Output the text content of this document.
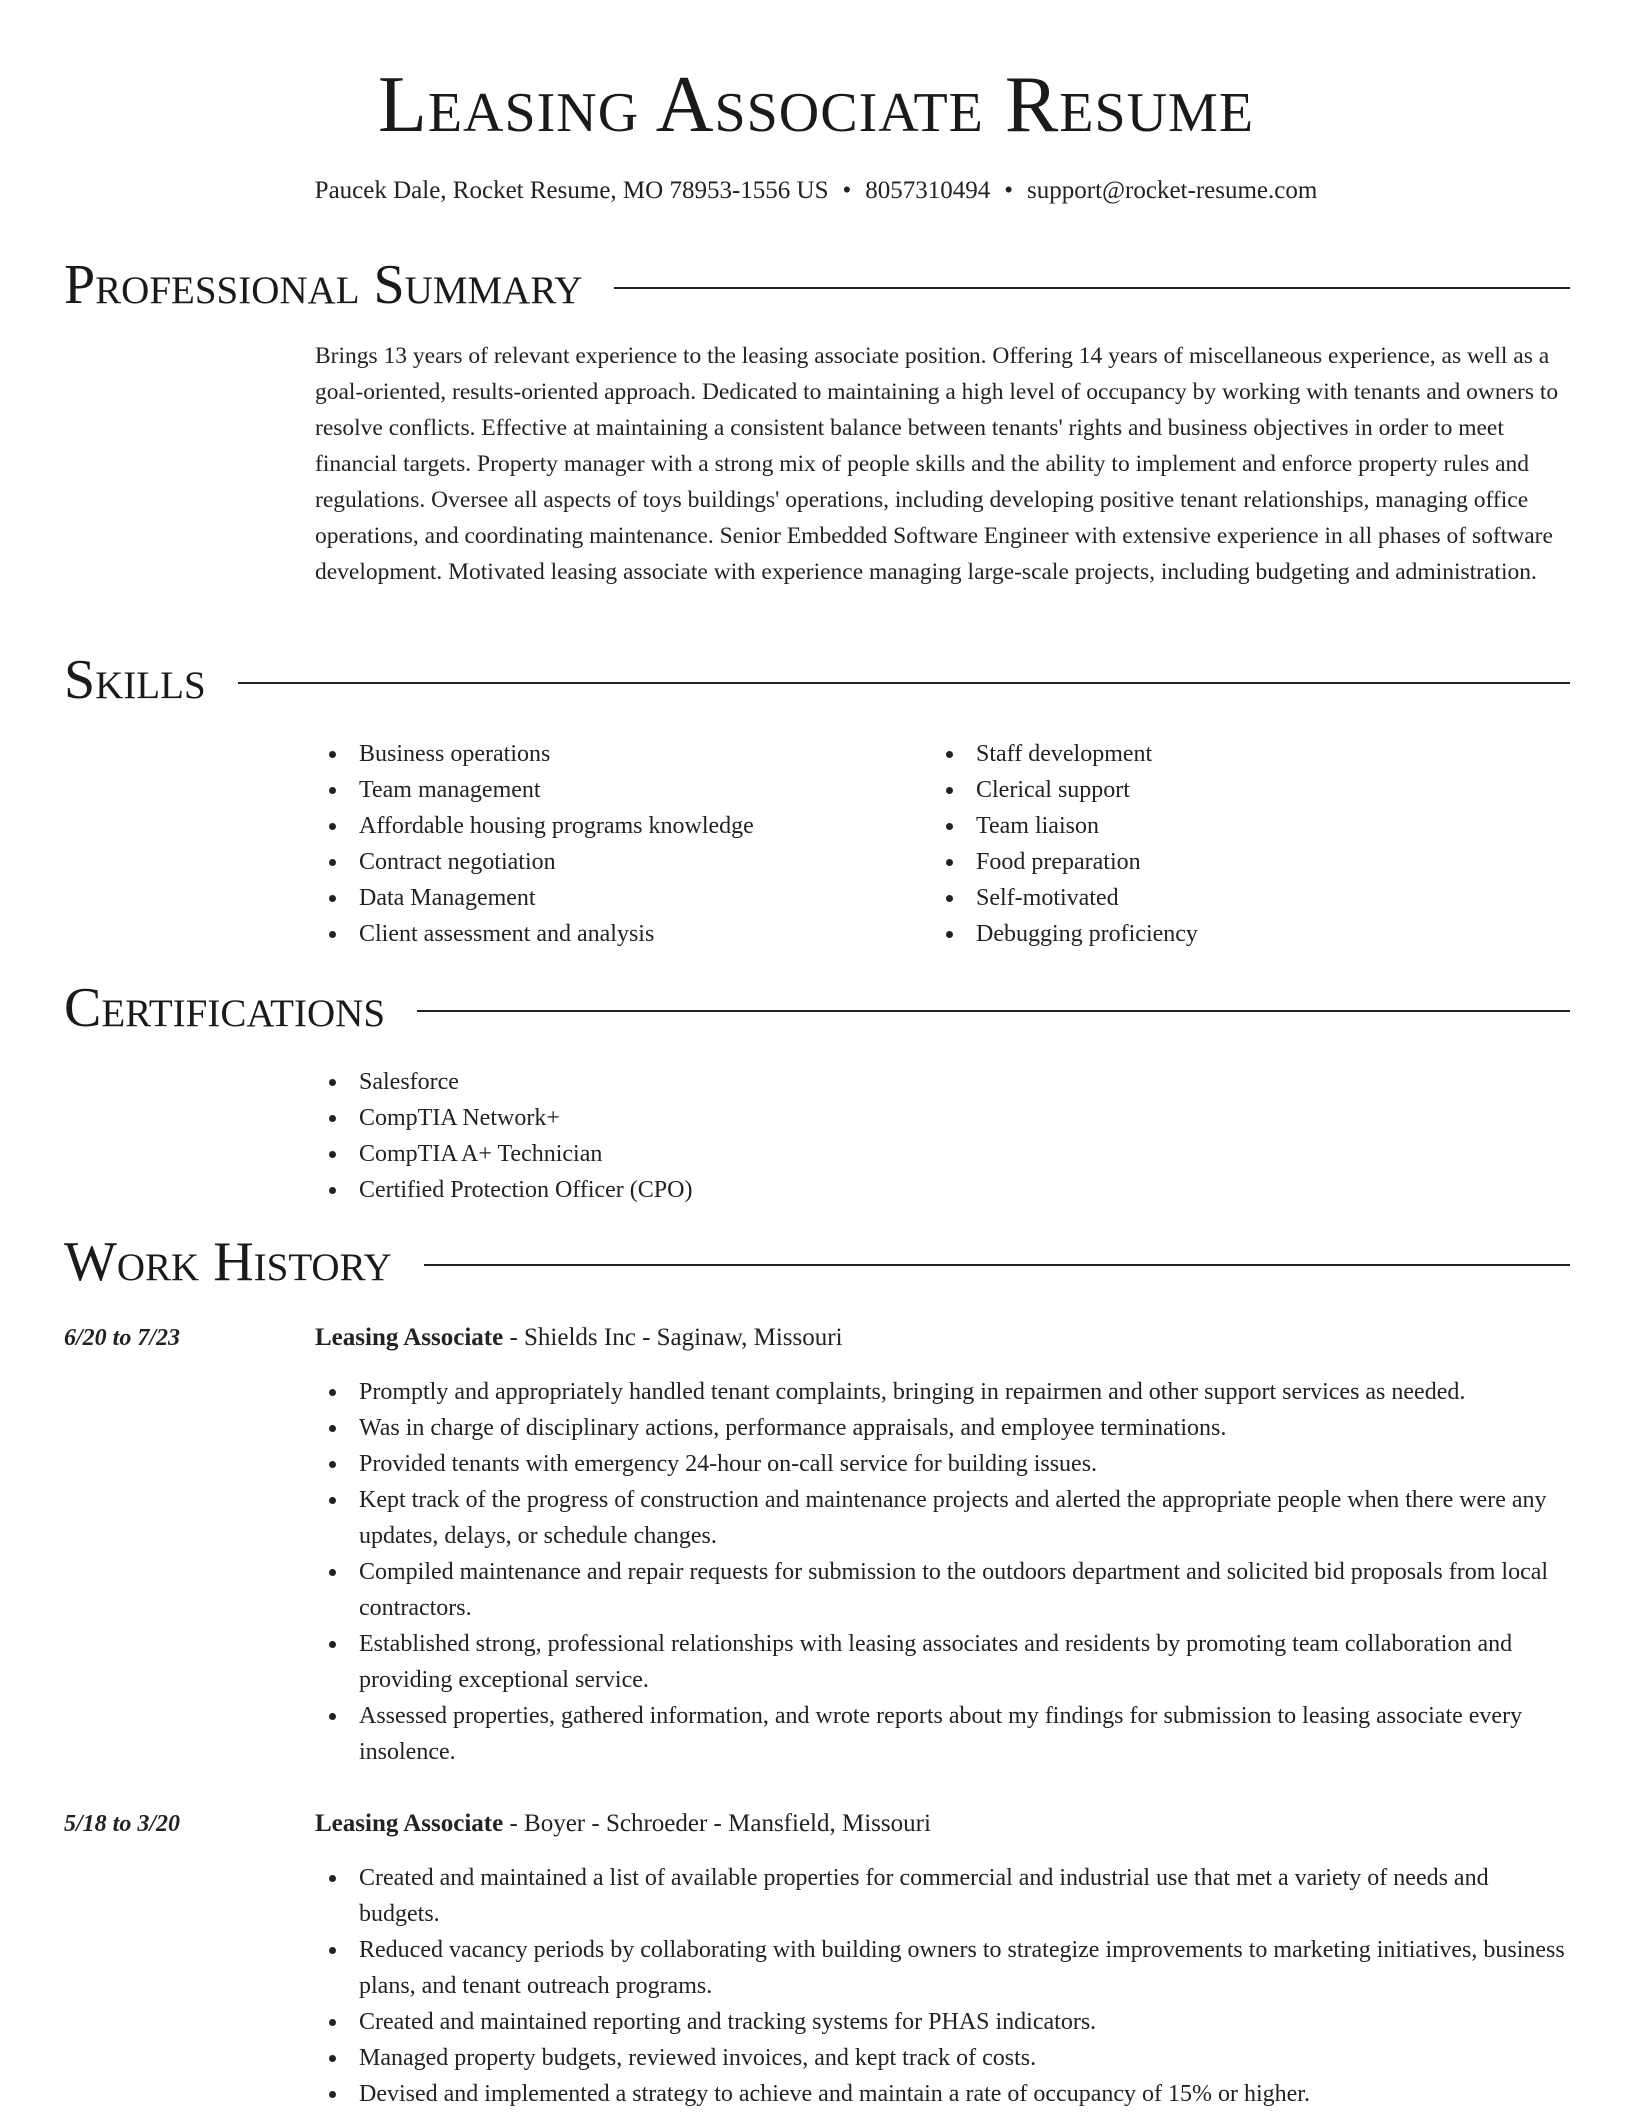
Leasing Associate Resume
Paucek Dale, Rocket Resume, MO 78953-1556 US • 8057310494 • support@rocket-resume.com
Professional Summary

Brings 13 years of relevant experience to the leasing associate position. Offering 14 years of miscellaneous experience, as well as a goal-oriented, results-oriented approach. Dedicated to maintaining a high level of occupancy by working with tenants and owners to resolve conflicts. Effective at maintaining a consistent balance between tenants' rights and business objectives in order to meet financial targets. Property manager with a strong mix of people skills and the ability to implement and enforce property rules and regulations. Oversee all aspects of toys buildings' operations, including developing positive tenant relationships, managing office operations, and coordinating maintenance. Senior Embedded Software Engineer with extensive experience in all phases of software development. Motivated leasing associate with experience managing large-scale projects, including budgeting and administration.

Skills
Business operations
Team management
Affordable housing programs knowledge
Contract negotiation
Data Management
Client assessment and analysis
Staff development
Clerical support
Team liaison
Food preparation
Self-motivated
Debugging proficiency
Certifications
Salesforce
CompTIA Network+
CompTIA A+ Technician
Certified Protection Officer (CPO)
Work History
6/20 to 7/23	Leasing Associate - Shields Inc - Saginaw, Missouri
Promptly and appropriately handled tenant complaints, bringing in repairmen and other support services as needed.
Was in charge of disciplinary actions, performance appraisals, and employee terminations.
Provided tenants with emergency 24-hour on-call service for building issues.
Kept track of the progress of construction and maintenance projects and alerted the appropriate people when there were any updates, delays, or schedule changes.
Compiled maintenance and repair requests for submission to the outdoors department and solicited bid proposals from local contractors.
Established strong, professional relationships with leasing associates and residents by promoting team collaboration and providing exceptional service.
Assessed properties, gathered information, and wrote reports about my findings for submission to leasing associate every insolence.
5/18 to 3/20	Leasing Associate - Boyer - Schroeder - Mansfield, Missouri
Created and maintained a list of available properties for commercial and industrial use that met a variety of needs and budgets.
Reduced vacancy periods by collaborating with building owners to strategize improvements to marketing initiatives, business plans, and tenant outreach programs.
Created and maintained reporting and tracking systems for PHAS indicators.
Managed property budgets, reviewed invoices, and kept track of costs.
Devised and implemented a strategy to achieve and maintain a rate of occupancy of 15% or higher.
